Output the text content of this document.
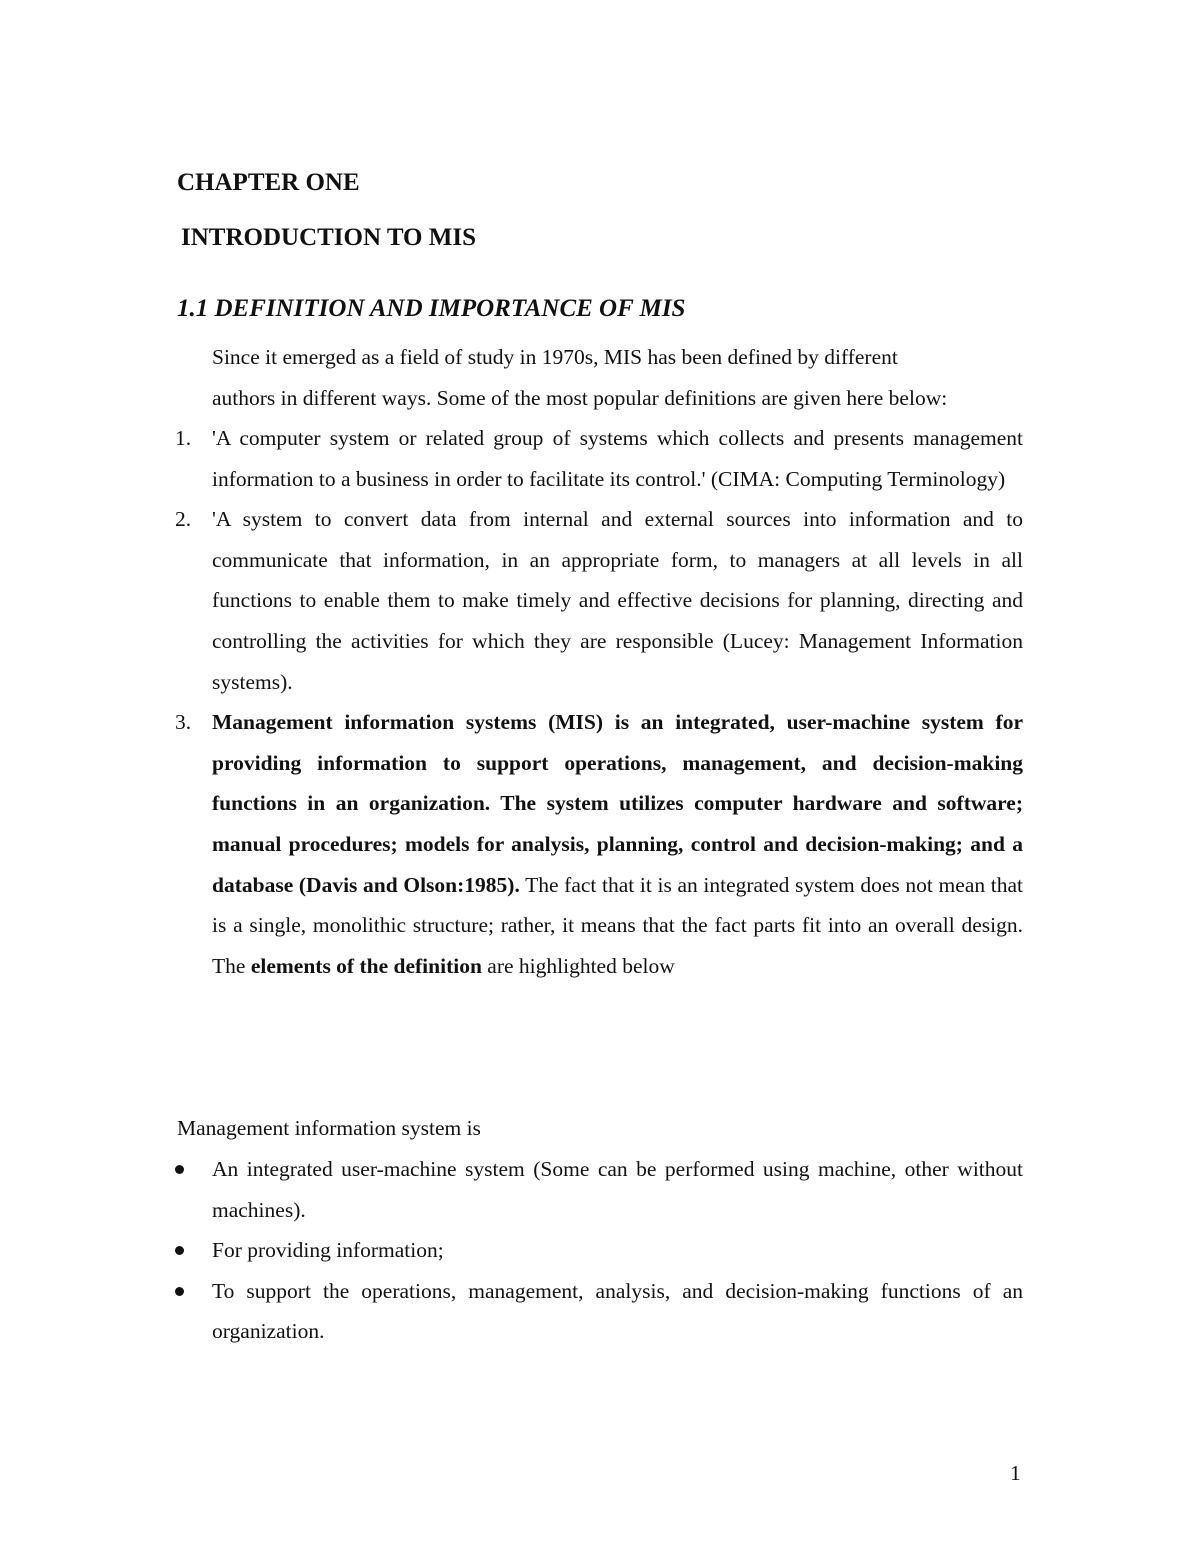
CHAPTER ONE
INTRODUCTION TO MIS
1.1 DEFINITION AND IMPORTANCE OF MIS

Since it emerged as a field of study in 1970s, MIS has been defined by different
authors in different ways. Some of the most popular definitions are given here below:

1. 'A computer system or related group of systems which collects and presents management information to a business in order to facilitate its control.' (CIMA: Computing Terminology)
2. 'A system to convert data from internal and external sources into information and to communicate that information, in an appropriate form, to managers at all levels in all functions to enable them to make timely and effective decisions for planning, directing and controlling the activities for which they are responsible (Lucey: Management Information systems).
3. Management information systems (MIS) is an integrated, user-machine system for providing information to support operations, management, and decision-making functions in an organization. The system utilizes computer hardware and software; manual procedures; models for analysis, planning, control and decision-making; and a database (Davis and Olson:1985). The fact that it is an integrated system does not mean that is a single, monolithic structure; rather, it means that the fact parts fit into an overall design. The elements of the definition are highlighted below

Management information system is

An integrated user-machine system (Some can be performed using machine, other without machines).
For providing information;
To support the operations, management, analysis, and decision-making functions of an organization.

1
